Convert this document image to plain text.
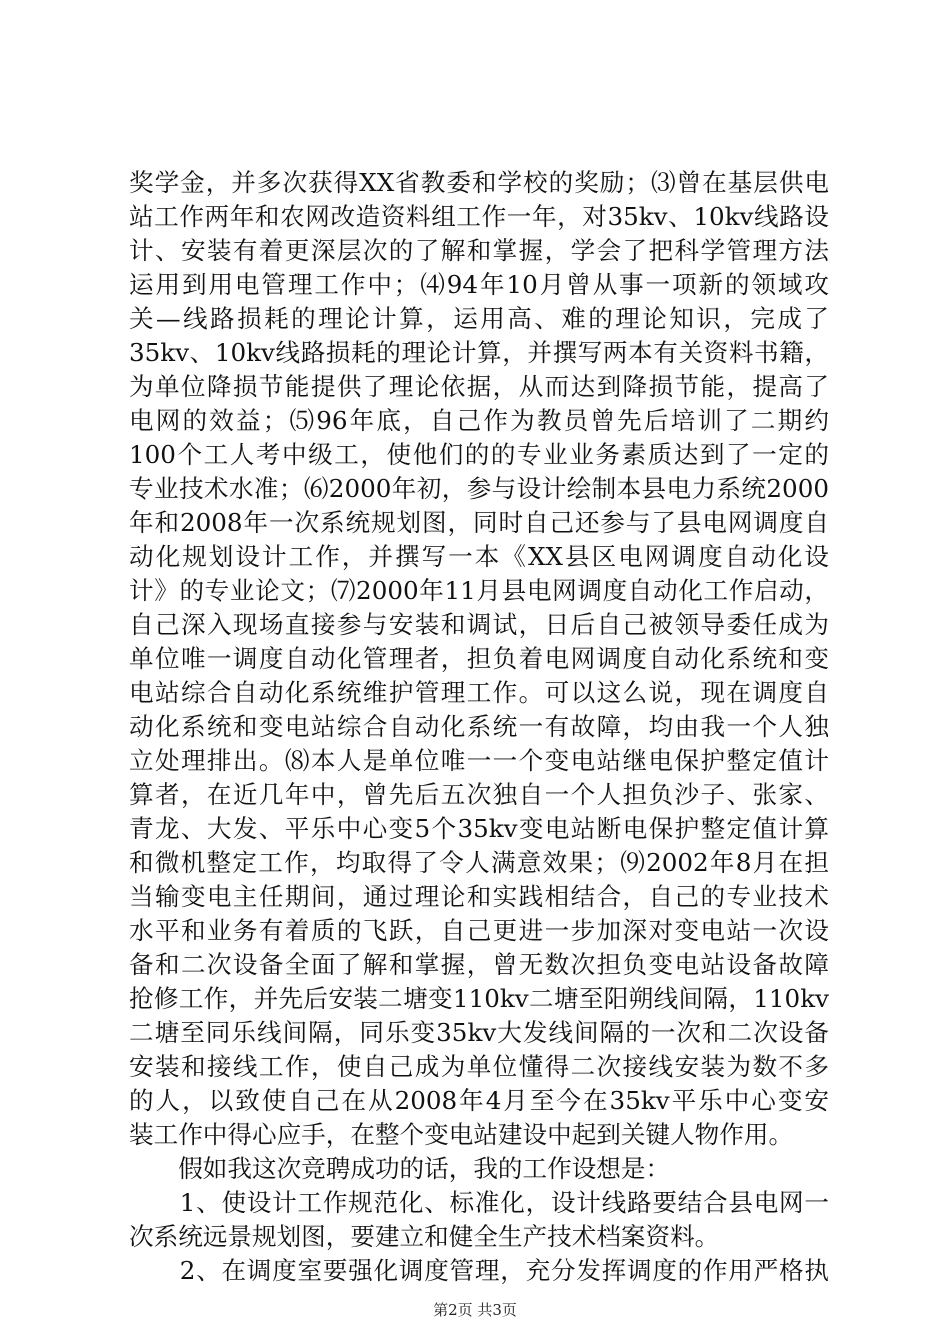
奖学金，并多次获得XX省教委和学校的奖励；⑶曾在基层供电
站工作两年和农网改造资料组工作一年，对35kv、10kv线路设
计、安装有着更深层次的了解和掌握，学会了把科学管理方法
运用到用电管理工作中；⑷94年10月曾从事一项新的领域攻
关—线路损耗的理论计算，运用高、难的理论知识，完成了
35kv、10kv线路损耗的理论计算，并撰写两本有关资料书籍，
为单位降损节能提供了理论依据，从而达到降损节能，提高了
电网的效益；⑸96年底，自己作为教员曾先后培训了二期约
100个工人考中级工，使他们的的专业业务素质达到了一定的
专业技术水准；⑹2000年初，参与设计绘制本县电力系统2000
年和2008年一次系统规划图，同时自己还参与了县电网调度自
动化规划设计工作，并撰写一本《XX县区电网调度自动化设
计》的专业论文；⑺2000年11月县电网调度自动化工作启动，
自己深入现场直接参与安装和调试，日后自己被领导委任成为
单位唯一调度自动化管理者，担负着电网调度自动化系统和变
电站综合自动化系统维护管理工作。可以这么说，现在调度自
动化系统和变电站综合自动化系统一有故障，均由我一个人独
立处理排出。⑻本人是单位唯一一个变电站继电保护整定值计
算者，在近几年中，曾先后五次独自一个人担负沙子、张家、
青龙、大发、平乐中心变5个35kv变电站断电保护整定值计算
和微机整定工作，均取得了令人满意效果；⑼2002年8月在担
当输变电主任期间，通过理论和实践相结合，自己的专业技术
水平和业务有着质的飞跃，自己更进一步加深对变电站一次设
备和二次设备全面了解和掌握，曾无数次担负变电站设备故障
抢修工作，并先后安装二塘变110kv二塘至阳朔线间隔，110kv
二塘至同乐线间隔，同乐变35kv大发线间隔的一次和二次设备
安装和接线工作，使自己成为单位懂得二次接线安装为数不多
的人，以致使自己在从2008年4月至今在35kv平乐中心变安
装工作中得心应手，在整个变电站建设中起到关键人物作用。
　　假如我这次竞聘成功的话，我的工作设想是：
　　1、使设计工作规范化、标准化，设计线路要结合县电网一
次系统远景规划图，要建立和健全生产技术档案资料。
　　2、在调度室要强化调度管理，充分发挥调度的作用严格执
第2页 共3页
